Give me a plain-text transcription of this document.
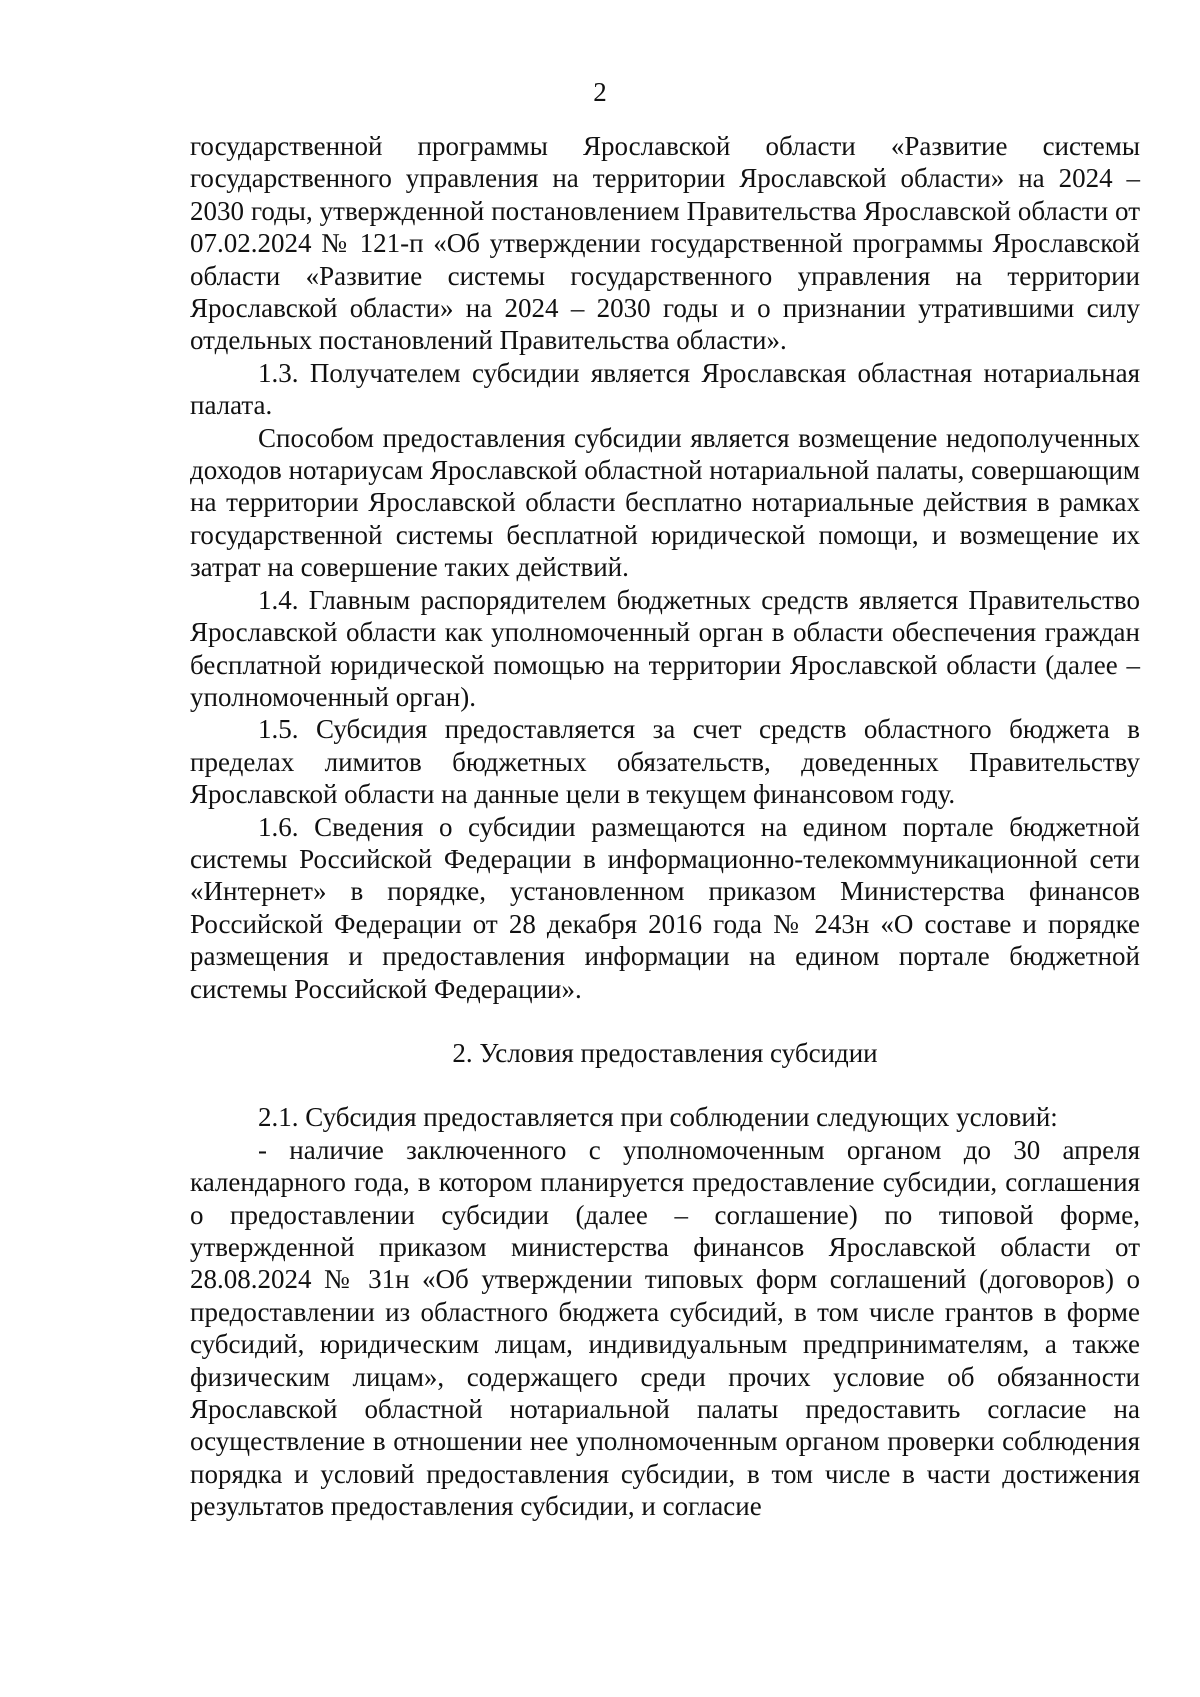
2

государственной программы Ярославской области «Развитие системы государственного управления на территории Ярославской области» на 2024 – 2030 годы, утвержденной постановлением Правительства Ярославской области от 07.02.2024 № 121-п «Об утверждении государственной программы Ярославской области «Развитие системы государственного управления на территории Ярославской области» на 2024 – 2030 годы и о признании утратившими силу отдельных постановлений Правительства области».

1.3. Получателем субсидии является Ярославская областная нотариальная палата.

Способом предоставления субсидии является возмещение недополученных доходов нотариусам Ярославской областной нотариальной палаты, совершающим на территории Ярославской области бесплатно нотариальные действия в рамках государственной системы бесплатной юридической помощи, и возмещение их затрат на совершение таких действий.

1.4. Главным распорядителем бюджетных средств является Правительство Ярославской области как уполномоченный орган в области обеспечения граждан бесплатной юридической помощью на территории Ярославской области (далее – уполномоченный орган).

1.5. Субсидия предоставляется за счет средств областного бюджета в пределах лимитов бюджетных обязательств, доведенных Правительству Ярославской области на данные цели в текущем финансовом году.

1.6. Сведения о субсидии размещаются на едином портале бюджетной системы Российской Федерации в информационно-телекоммуникационной сети «Интернет» в порядке, установленном приказом Министерства финансов Российской Федерации от 28 декабря 2016 года № 243н «О составе и порядке размещения и предоставления информации на едином портале бюджетной системы Российской Федерации».

2. Условия предоставления субсидии

2.1. Субсидия предоставляется при соблюдении следующих условий:

- наличие заключенного с уполномоченным органом до 30 апреля календарного года, в котором планируется предоставление субсидии, соглашения о предоставлении субсидии (далее – соглашение) по типовой форме, утвержденной приказом министерства финансов Ярославской области от 28.08.2024 № 31н «Об утверждении типовых форм соглашений (договоров) о предоставлении из областного бюджета субсидий, в том числе грантов в форме субсидий, юридическим лицам, индивидуальным предпринимателям, а также физическим лицам», содержащего среди прочих условие об обязанности Ярославской областной нотариальной палаты предоставить согласие на осуществление в отношении нее уполномоченным органом проверки соблюдения порядка и условий предоставления субсидии, в том числе в части достижения результатов предоставления субсидии, и согласие
